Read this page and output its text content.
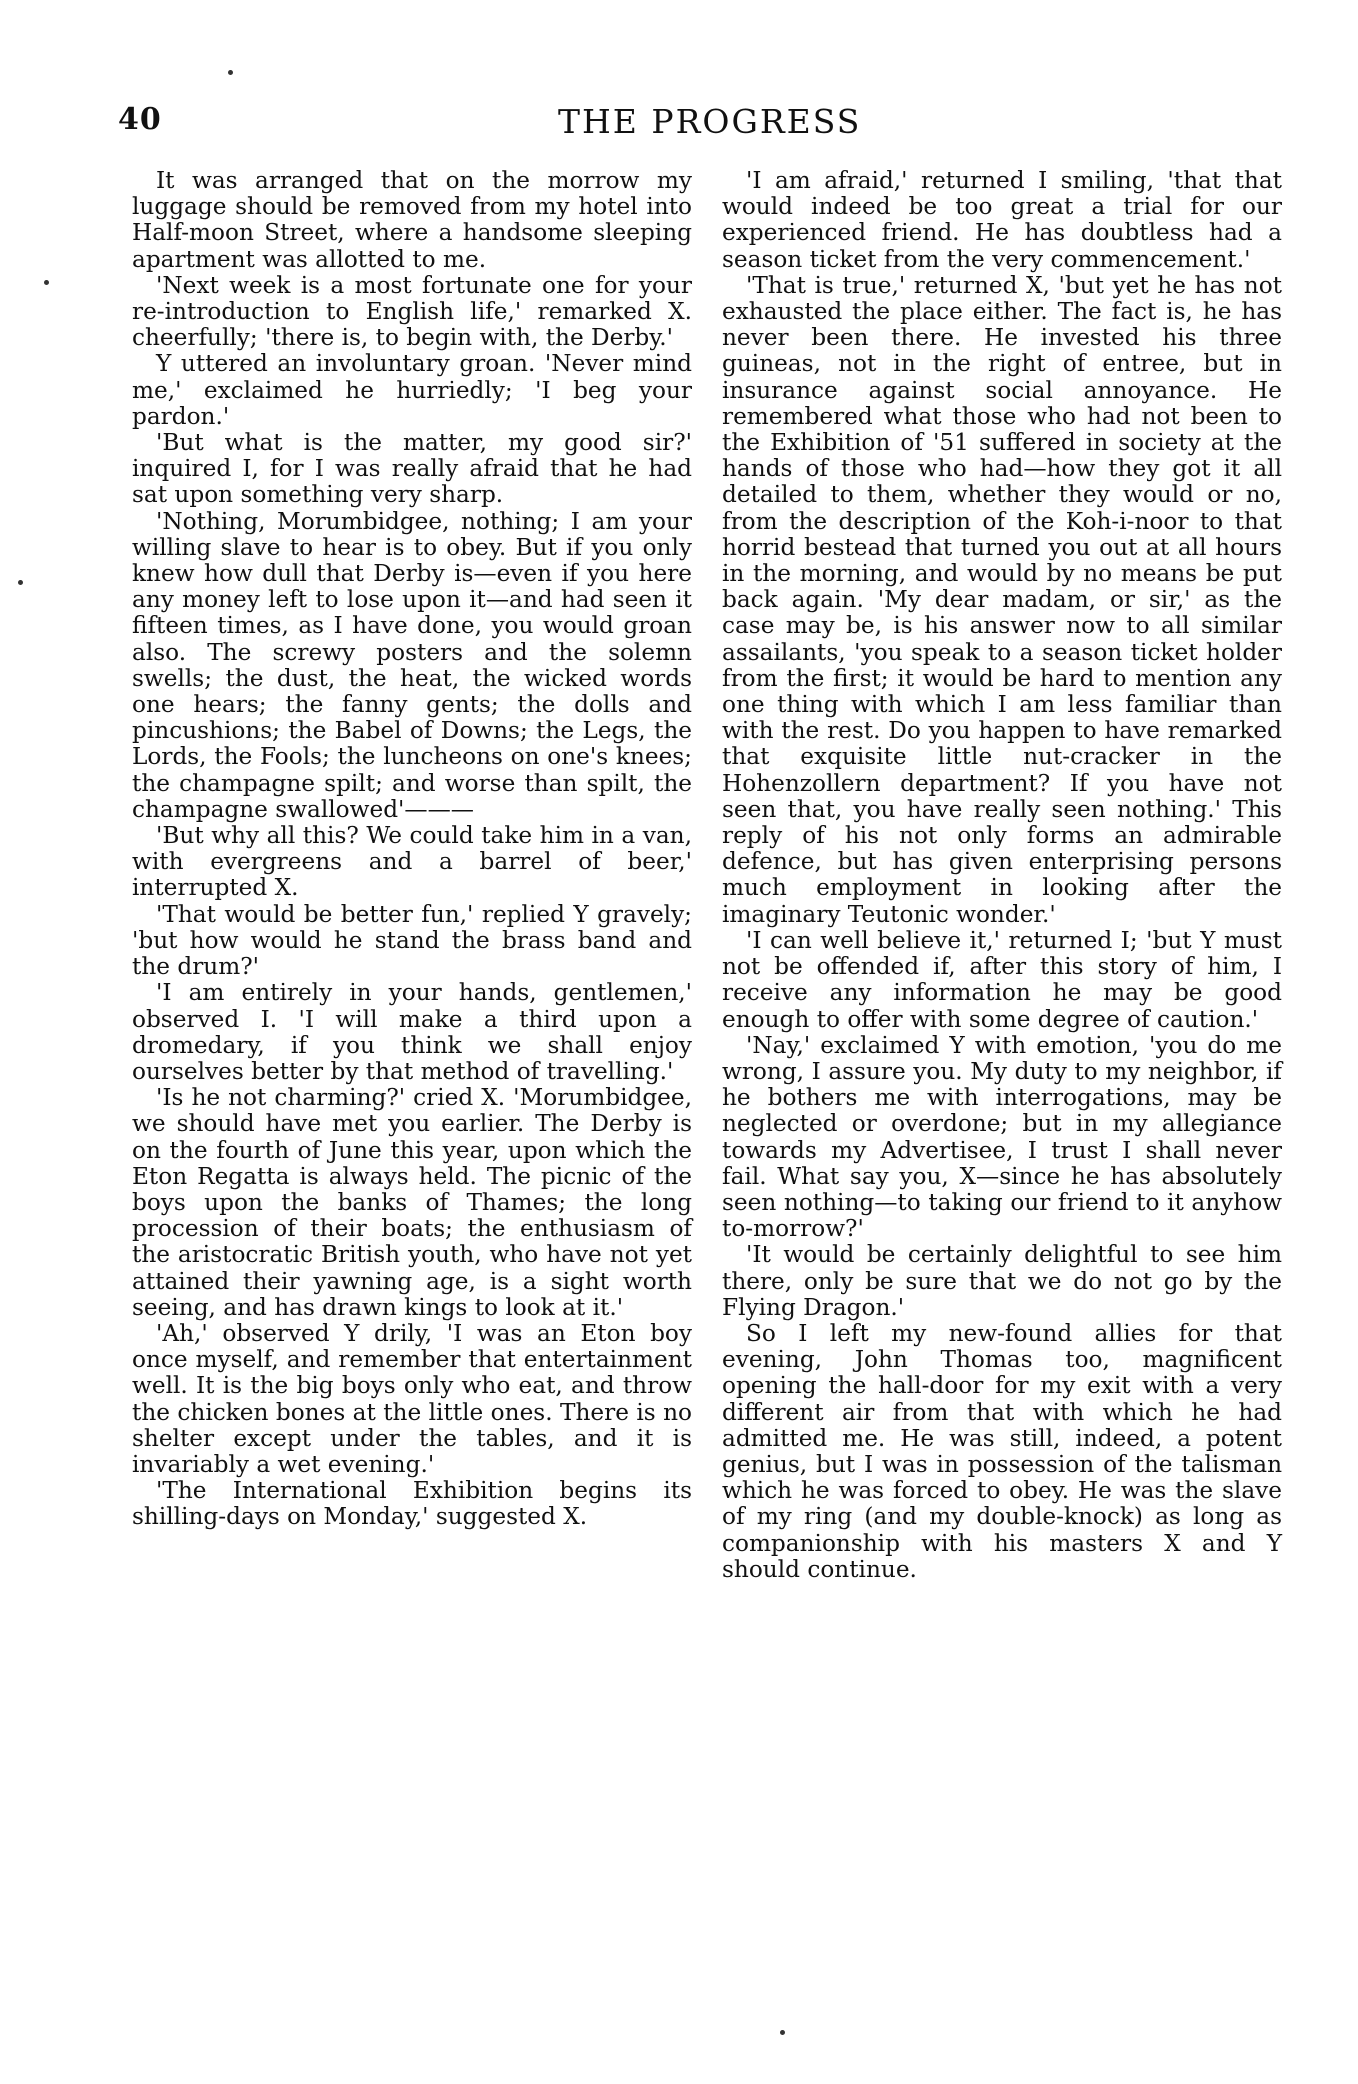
40	THE PROGRESS

It was arranged that on the morrow my luggage should be removed from my hotel into Half-moon Street, where a handsome sleeping apartment was allotted to me.

'Next week is a most fortunate one for your re-introduction to English life,' remarked X. cheerfully; 'there is, to begin with, the Derby.'

Y uttered an involuntary groan. 'Never mind me,' exclaimed he hurriedly; 'I beg your pardon.'

'But what is the matter, my good sir?' inquired I, for I was really afraid that he had sat upon something very sharp.

'Nothing, Morumbidgee, nothing; I am your willing slave to hear is to obey. But if you only knew how dull that Derby is—even if you here any money left to lose upon it—and had seen it fifteen times, as I have done, you would groan also. The screwy posters and the solemn swells; the dust, the heat, the wicked words one hears; the fanny gents; the dolls and pincushions; the Babel of Downs; the Legs, the Lords, the Fools; the luncheons on one's knees; the champagne spilt; and worse than spilt, the champagne swallowed'———

'But why all this? We could take him in a van, with evergreens and a barrel of beer,' interrupted X.

'That would be better fun,' replied Y gravely; 'but how would he stand the brass band and the drum?'

'I am entirely in your hands, gentlemen,' observed I. 'I will make a third upon a dromedary, if you think we shall enjoy ourselves better by that method of travelling.'

'Is he not charming?' cried X. 'Morumbidgee, we should have met you earlier. The Derby is on the fourth of June this year, upon which the Eton Regatta is always held. The picnic of the boys upon the banks of Thames; the long procession of their boats; the enthusiasm of the aristocratic British youth, who have not yet attained their yawning age, is a sight worth seeing, and has drawn kings to look at it.'

'Ah,' observed Y drily, 'I was an Eton boy once myself, and remember that entertainment well. It is the big boys only who eat, and throw the chicken bones at the little ones. There is no shelter except under the tables, and it is invariably a wet evening.'

'The International Exhibition begins its shilling-days on Monday,' suggested X.

'I am afraid,' returned I smiling, 'that that would indeed be too great a trial for our experienced friend. He has doubtless had a season ticket from the very commencement.'

'That is true,' returned X, 'but yet he has not exhausted the place either. The fact is, he has never been there. He invested his three guineas, not in the right of entree, but in insurance against social annoyance. He remembered what those who had not been to the Exhibition of '51 suffered in society at the hands of those who had—how they got it all detailed to them, whether they would or no, from the description of the Koh-i-noor to that horrid bestead that turned you out at all hours in the morning, and would by no means be put back again. 'My dear madam, or sir,' as the case may be, is his answer now to all similar assailants, 'you speak to a season ticket holder from the first; it would be hard to mention any one thing with which I am less familiar than with the rest. Do you happen to have remarked that exquisite little nut-cracker in the Hohenzollern department? If you have not seen that, you have really seen nothing.' This reply of his not only forms an admirable defence, but has given enterprising persons much employment in looking after the imaginary Teutonic wonder.'

'I can well believe it,' returned I; 'but Y must not be offended if, after this story of him, I receive any information he may be good enough to offer with some degree of caution.'

'Nay,' exclaimed Y with emotion, 'you do me wrong, I assure you. My duty to my neighbor, if he bothers me with interrogations, may be neglected or overdone; but in my allegiance towards my Advertisee, I trust I shall never fail. What say you, X—since he has absolutely seen nothing—to taking our friend to it anyhow to-morrow?'

'It would be certainly delightful to see him there, only be sure that we do not go by the Flying Dragon.'

So I left my new-found allies for that evening, John Thomas too, magnificent opening the hall-door for my exit with a very different air from that with which he had admitted me. He was still, indeed, a potent genius, but I was in possession of the talisman which he was forced to obey. He was the slave of my ring (and my double-knock) as long as companionship with his masters X and Y should continue.
